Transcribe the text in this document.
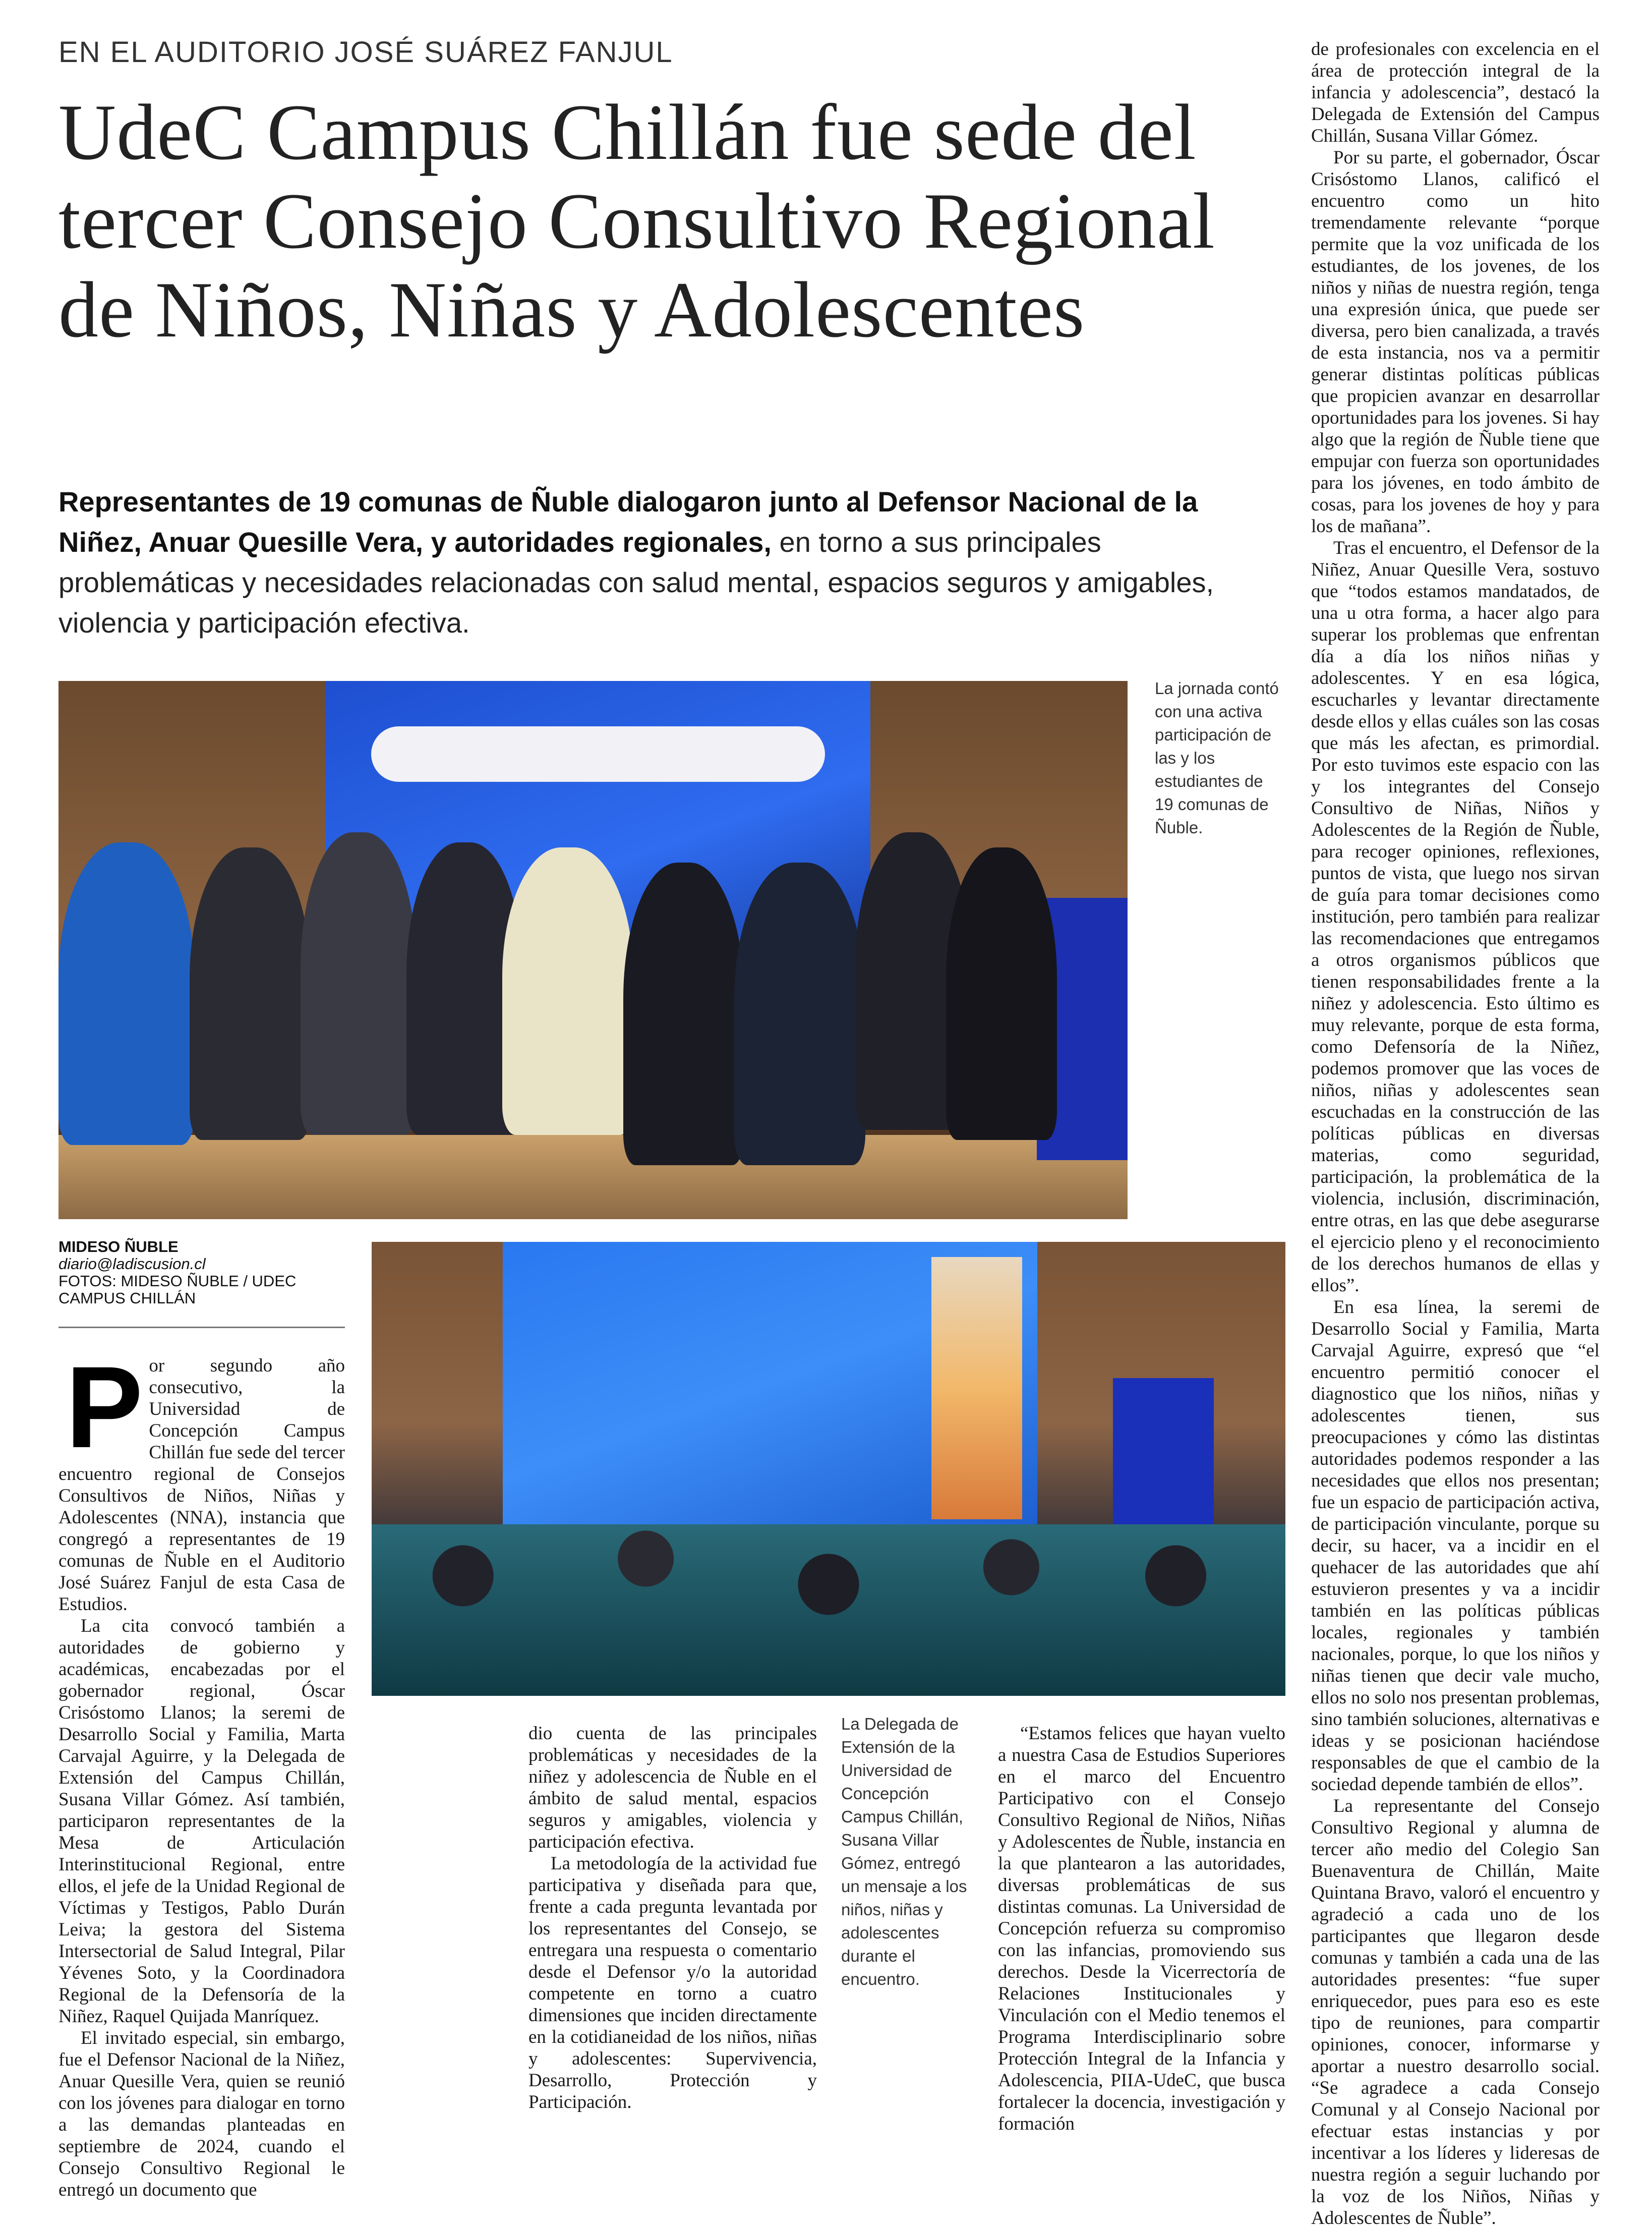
EN EL AUDITORIO JOSÉ SUÁREZ FANJUL
UdeC Campus Chillán fue sede del tercer Consejo Consultivo Regional de Niños, Niñas y Adolescentes
Representantes de 19 comunas de Ñuble dialogaron junto al Defensor Nacional de la Niñez, Anuar Quesille Vera, y autoridades regionales, en torno a sus principales problemáticas y necesidades relacionadas con salud mental, espacios seguros y amigables, violencia y participación efectiva.
La jornada contó con una activa participación de las y los estudiantes de 19 comunas de Ñuble.
MIDESO ÑUBLE
diario@ladiscusion.cl
FOTOS: MIDESO ÑUBLE / UDEC CAMPUS CHILLÁN
La Delegada de Extensión de la Universidad de Concepción Campus Chillán, Susana Villar Gómez, entregó un mensaje a los niños, niñas y adolescentes durante el encuentro.
P or segundo año consecutivo, la Universidad de Concepción Campus Chillán fue sede del tercer encuentro regional de Consejos Consultivos de Niños, Niñas y Adolescentes (NNA), instancia que congregó a representantes de 19 comunas de Ñuble en el Auditorio José Suárez Fanjul de esta Casa de Estudios.

La cita convocó también a autoridades de gobierno y académicas, encabezadas por el gobernador regional, Óscar Crisóstomo Llanos; la seremi de Desarrollo Social y Familia, Marta Carvajal Aguirre, y la Delegada de Extensión del Campus Chillán, Susana Villar Gómez. Así también, participaron representantes de la Mesa de Articulación Interinstitucional Regional, entre ellos, el jefe de la Unidad Regional de Víctimas y Testigos, Pablo Durán Leiva; la gestora del Sistema Intersectorial de Salud Integral, Pilar Yévenes Soto, y la Coordinadora Regional de la Defensoría de la Niñez, Raquel Quijada Manríquez.

El invitado especial, sin embargo, fue el Defensor Nacional de la Niñez, Anuar Quesille Vera, quien se reunió con los jóvenes para dialogar en torno a las demandas planteadas en septiembre de 2024, cuando el Consejo Consultivo Regional le entregó un documento que

dio cuenta de las principales problemáticas y necesidades de la niñez y adolescencia de Ñuble en el ámbito de salud mental, espacios seguros y amigables, violencia y participación efectiva.

La metodología de la actividad fue participativa y diseñada para que, frente a cada pregunta levantada por los representantes del Consejo, se entregara una respuesta o comentario desde el Defensor y/o la autoridad competente en torno a cuatro dimensiones que inciden directamente en la cotidianeidad de los niños, niñas y adolescentes: Supervivencia, Desarrollo, Protección y Participación.

“Estamos felices que hayan vuelto a nuestra Casa de Estudios Superiores en el marco del Encuentro Participativo con el Consejo Consultivo Regional de Niños, Niñas y Adolescentes de Ñuble, instancia en la que plantearon a las autoridades, diversas problemáticas de sus distintas comunas. La Universidad de Concepción refuerza su compromiso con las infancias, promoviendo sus derechos. Desde la Vicerrectoría de Relaciones Institucionales y Vinculación con el Medio tenemos el Programa Interdisciplinario sobre Protección Integral de la Infancia y Adolescencia, PIIA-UdeC, que busca fortalecer la docencia, investigación y formación

de profesionales con excelencia en el área de protección integral de la infancia y adolescencia”, destacó la Delegada de Extensión del Campus Chillán, Susana Villar Gómez.

Por su parte, el gobernador, Óscar Crisóstomo Llanos, calificó el encuentro como un hito tremendamente relevante “porque permite que la voz unificada de los estudiantes, de los jovenes, de los niños y niñas de nuestra región, tenga una expresión única, que puede ser diversa, pero bien canalizada, a través de esta instancia, nos va a permitir generar distintas políticas públicas que propicien avanzar en desarrollar oportunidades para los jovenes. Si hay algo que la región de Ñuble tiene que empujar con fuerza son oportunidades para los jóvenes, en todo ámbito de cosas, para los jovenes de hoy y para los de mañana”.

Tras el encuentro, el Defensor de la Niñez, Anuar Quesille Vera, sostuvo que “todos estamos mandatados, de una u otra forma, a hacer algo para superar los problemas que enfrentan día a día los niños niñas y adolescentes. Y en esa lógica, escucharles y levantar directamente desde ellos y ellas cuáles son las cosas que más les afectan, es primordial. Por esto tuvimos este espacio con las y los integrantes del Consejo Consultivo de Niñas, Niños y Adolescentes de la Región de Ñuble, para recoger opiniones, reflexiones, puntos de vista, que luego nos sirvan de guía para tomar decisiones como institución, pero también para realizar las recomendaciones que entregamos a otros organismos públicos que tienen responsabilidades frente a la niñez y adolescencia. Esto último es muy relevante, porque de esta forma, como Defensoría de la Niñez, podemos promover que las voces de niños, niñas y adolescentes sean escuchadas en la construcción de las políticas públicas en diversas materias, como seguridad, participación, la problemática de la violencia, inclusión, discriminación, entre otras, en las que debe asegurarse el ejercicio pleno y el reconocimiento de los derechos humanos de ellas y ellos”.

En esa línea, la seremi de Desarrollo Social y Familia, Marta Carvajal Aguirre, expresó que “el encuentro permitió conocer el diagnostico que los niños, niñas y adolescentes tienen, sus preocupaciones y cómo las distintas autoridades podemos responder a las necesidades que ellos nos presentan; fue un espacio de participación activa, de participación vinculante, porque su decir, su hacer, va a incidir en el quehacer de las autoridades que ahí estuvieron presentes y va a incidir también en las políticas públicas locales, regionales y también nacionales, porque, lo que los niños y niñas tienen que decir vale mucho, ellos no solo nos presentan problemas, sino también soluciones, alternativas e ideas y se posicionan haciéndose responsables de que el cambio de la sociedad depende también de ellos”.

La representante del Consejo Consultivo Regional y alumna de tercer año medio del Colegio San Buenaventura de Chillán, Maite Quintana Bravo, valoró el encuentro y agradeció a cada uno de los participantes que llegaron desde comunas y también a cada una de las autoridades presentes: “fue super enriquecedor, pues para eso es este tipo de reuniones, para compartir opiniones, conocer, informarse y aportar a nuestro desarrollo social. “Se agradece a cada Consejo Comunal y al Consejo Nacional por efectuar estas instancias y por incentivar a los líderes y lideresas de nuestra región a seguir luchando por la voz de los Niños, Niñas y Adolescentes de Ñuble”.
